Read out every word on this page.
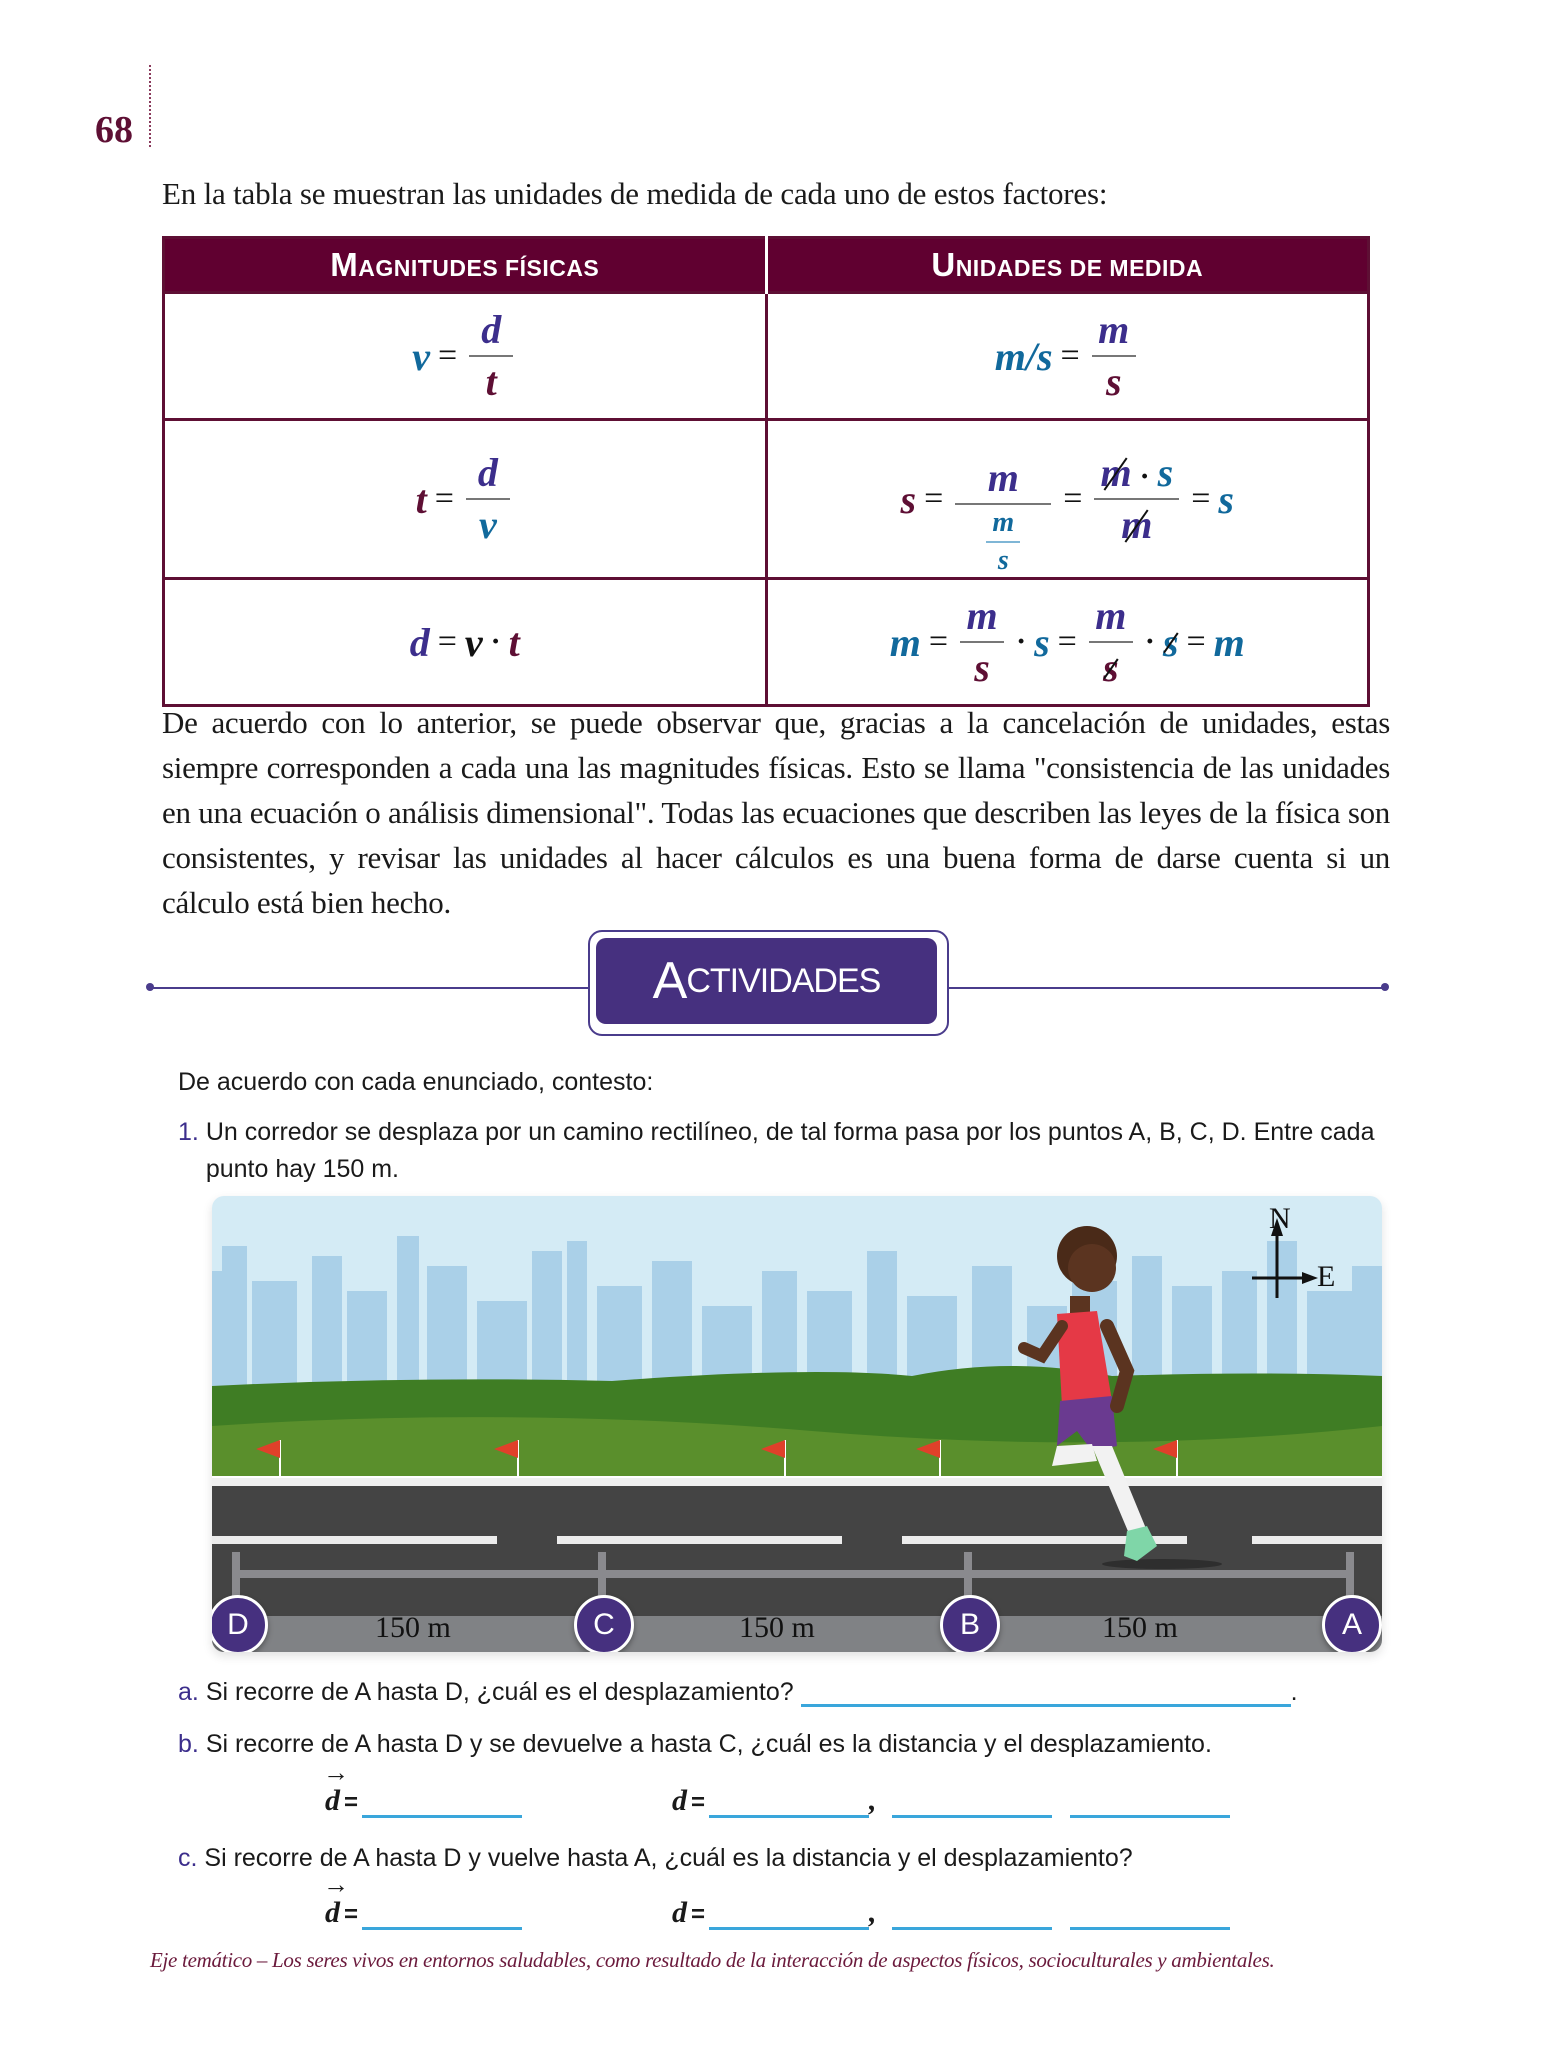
68
En la tabla se muestran las unidades de medida de cada uno de estos factores:
MAGNITUDES FÍSICAS	UNIDADES DE MEDIDA

$v = \frac{d}{t}$	$m/s = \frac{m}{s}$

$t = \frac{d}{v}$	$s = \frac{m}{\frac{m}{s}} = \frac{m \cdot s}{m} = s$

d = v · t	$m = \frac{m}{s} \cdot s = \frac{m}{s} \cdot s = m$
De acuerdo con lo anterior, se puede observar que, gracias a la cancelación de unidades, estas siempre corresponden a cada una las magnitudes físicas. Esto se llama "consistencia de las unidades en una ecuación o análisis dimensional". Todas las ecuaciones que describen las leyes de la física son consistentes, y revisar las unidades al hacer cálculos es una buena forma de darse cuenta si un cálculo está bien hecho.
A CTIVIDADES
De acuerdo con cada enunciado, contesto:
1. Un corredor se desplaza por un camino rectilíneo, de tal forma pasa por los puntos A, B, C, D. Entre cada punto hay 150 m.
N
E
D	C	B	A
150 m	150 m	150 m
a. Si recorre de A hasta D, ¿cuál es el desplazamiento?	.
b. Si recorre de A hasta D y se devuelve a hasta C, ¿cuál es la distancia y el desplazamiento.
→ d =	d =	,
c. Si recorre de A hasta D y vuelve hasta A, ¿cuál es la distancia y el desplazamiento?
→ d =	d =	,
Eje temático – Los seres vivos en entornos saludables, como resultado de la interacción de aspectos físicos, socioculturales y ambientales.
